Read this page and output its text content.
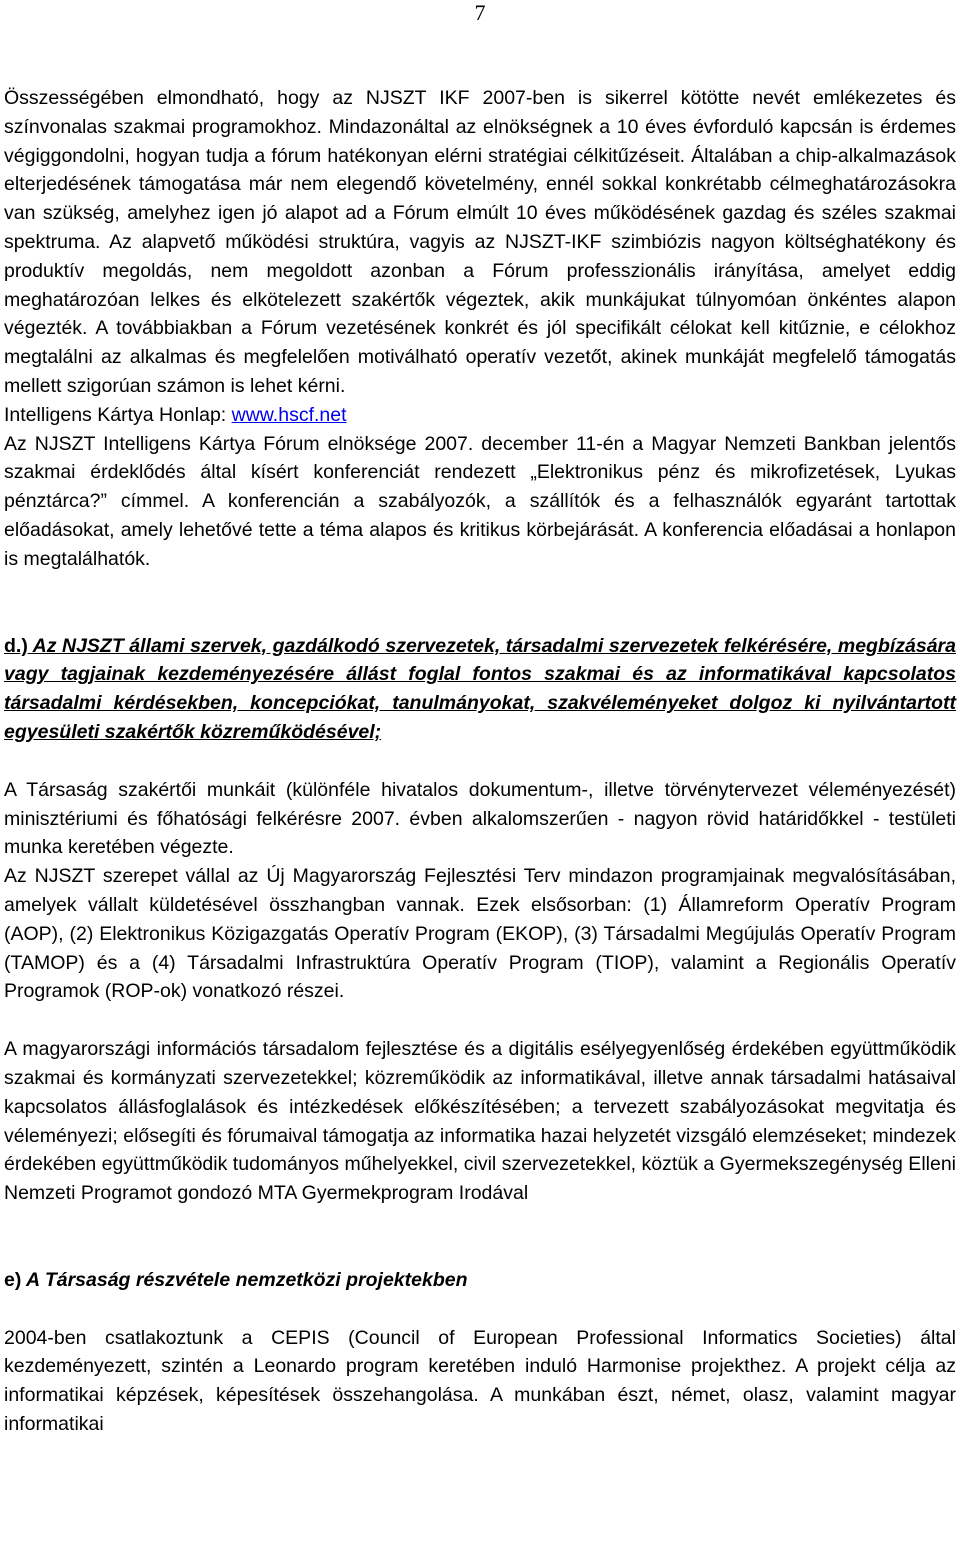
7

Összességében elmondható, hogy az NJSZT IKF 2007-ben is sikerrel kötötte nevét emlékezetes és színvonalas szakmai programokhoz. Mindazonáltal az elnökségnek a 10 éves évforduló kapcsán is érdemes végiggondolni, hogyan tudja a fórum hatékonyan elérni stratégiai célkitűzéseit. Általában a chip-alkalmazások elterjedésének támogatása már nem elegendő követelmény, ennél sokkal konkrétabb célmeghatározásokra van szükség, amelyhez igen jó alapot ad a Fórum elmúlt 10 éves működésének gazdag és széles szakmai spektruma. Az alapvető működési struktúra, vagyis az NJSZT-IKF szimbiózis nagyon költséghatékony és produktív megoldás, nem megoldott azonban a Fórum professzionális irányítása, amelyet eddig meghatározóan lelkes és elkötelezett szakértők végeztek, akik munkájukat túlnyomóan önkéntes alapon végezték. A továbbiakban a Fórum vezetésének konkrét és jól specifikált célokat kell kitűznie, e célokhoz megtalálni az alkalmas és megfelelően motiválható operatív vezetőt, akinek munkáját megfelelő támogatás mellett szigorúan számon is lehet kérni.

Intelligens Kártya Honlap: www.hscf.net

Az NJSZT Intelligens Kártya Fórum elnöksége 2007. december 11-én a Magyar Nemzeti Bankban jelentős szakmai érdeklődés által kísért konferenciát rendezett „Elektronikus pénz és mikrofizetések, Lyukas pénztárca?” címmel. A konferencián a szabályozók, a szállítók és a felhasználók egyaránt tartottak előadásokat, amely lehetővé tette a téma alapos és kritikus körbejárását. A konferencia előadásai a honlapon is megtalálhatók.

d.) Az NJSZT állami szervek, gazdálkodó szervezetek, társadalmi szervezetek felkérésére, megbízására vagy tagjainak kezdeményezésére állást foglal fontos szakmai és az informatikával kapcsolatos társadalmi kérdésekben, koncepciókat, tanulmányokat, szakvéleményeket dolgoz ki nyilvántartott egyesületi szakértők közreműködésével;

A Társaság szakértői munkáit (különféle hivatalos dokumentum-, illetve törvénytervezet véleményezését) minisztériumi és főhatósági felkérésre 2007. évben alkalomszerűen - nagyon rövid határidőkkel - testületi munka keretében végezte.

Az NJSZT szerepet vállal az Új Magyarország Fejlesztési Terv mindazon programjainak megvalósításában, amelyek vállalt küldetésével összhangban vannak. Ezek elsősorban: (1) Államreform Operatív Program (AOP), (2) Elektronikus Közigazgatás Operatív Program (EKOP), (3) Társadalmi Megújulás Operatív Program (TAMOP) és a (4) Társadalmi Infrastruktúra Operatív Program (TIOP), valamint a Regionális Operatív Programok (ROP-ok) vonatkozó részei.

A magyarországi információs társadalom fejlesztése és a digitális esélyegyenlőség érdekében együttműködik szakmai és kormányzati szervezetekkel; közreműködik az informatikával, illetve annak társadalmi hatásaival kapcsolatos állásfoglalások és intézkedések előkészítésében; a tervezett szabályozásokat megvitatja és véleményezi; elősegíti és fórumaival támogatja az informatika hazai helyzetét vizsgáló elemzéseket; mindezek érdekében együttműködik tudományos műhelyekkel, civil szervezetekkel, köztük a Gyermekszegénység Elleni Nemzeti Programot gondozó MTA Gyermekprogram Irodával

e) A Társaság részvétele nemzetközi projektekben

2004-ben csatlakoztunk a CEPIS (Council of European Professional Informatics Societies) által kezdeményezett, szintén a Leonardo program keretében induló Harmonise projekthez. A projekt célja az informatikai képzések, képesítések összehangolása. A munkában észt, német, olasz, valamint magyar informatikai
